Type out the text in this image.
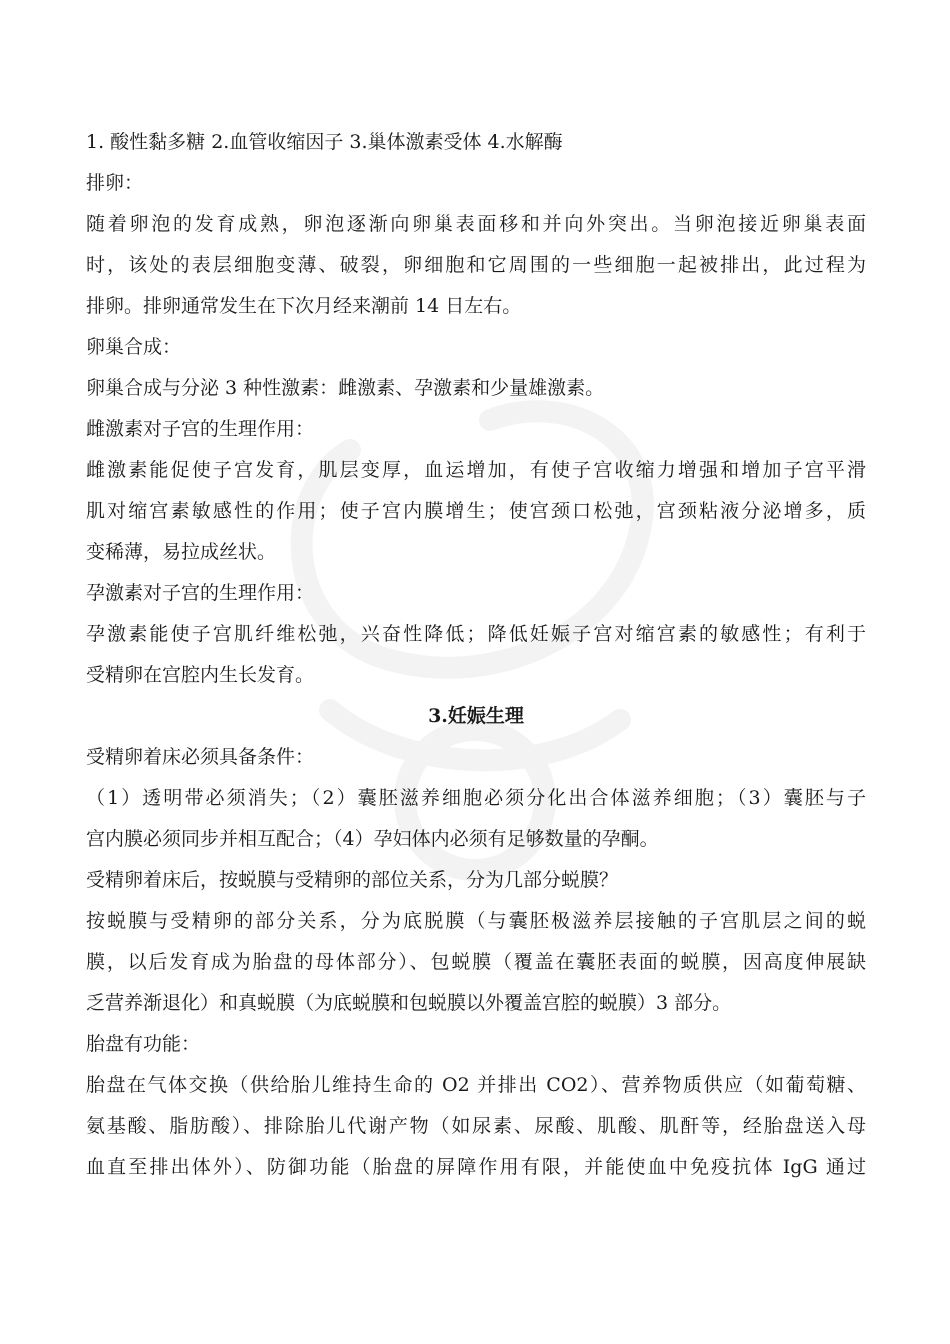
1. 酸性黏多糖 2.血管收缩因子 3.巢体激素受体 4.水解酶
排卵：
随着卵泡的发育成熟，卵泡逐渐向卵巢表面移和并向外突出。当卵泡接近卵巢表面
时，该处的表层细胞变薄、破裂，卵细胞和它周围的一些细胞一起被排出，此过程为
排卵。排卵通常发生在下次月经来潮前 14 日左右。
卵巢合成：
卵巢合成与分泌 3 种性激素：雌激素、孕激素和少量雄激素。
雌激素对子宫的生理作用：
雌激素能促使子宫发育，肌层变厚，血运增加，有使子宫收缩力增强和增加子宫平滑
肌对缩宫素敏感性的作用；使子宫内膜增生；使宫颈口松弛，宫颈粘液分泌增多，质
变稀薄，易拉成丝状。
孕激素对子宫的生理作用：
孕激素能使子宫肌纤维松弛，兴奋性降低；降低妊娠子宫对缩宫素的敏感性；有利于
受精卵在宫腔内生长发育。
3.妊娠生理
受精卵着床必须具备条件：
（1）透明带必须消失；（2）囊胚滋养细胞必须分化出合体滋养细胞；（3）囊胚与子
宫内膜必须同步并相互配合；（4）孕妇体内必须有足够数量的孕酮。
受精卵着床后，按蜕膜与受精卵的部位关系，分为几部分蜕膜？
按蜕膜与受精卵的部分关系，分为底脱膜（与囊胚极滋养层接触的子宫肌层之间的蜕
膜，以后发育成为胎盘的母体部分）、包蜕膜（覆盖在囊胚表面的蜕膜，因高度伸展缺
乏营养渐退化）和真蜕膜（为底蜕膜和包蜕膜以外覆盖宫腔的蜕膜）3 部分。
胎盘有功能：
胎盘在气体交换（供给胎儿维持生命的 O2 并排出 CO2）、营养物质供应（如葡萄糖、
氨基酸、脂肪酸）、排除胎儿代谢产物（如尿素、尿酸、肌酸、肌酐等，经胎盘送入母
血直至排出体外）、防御功能（胎盘的屏障作用有限，并能使血中免疫抗体 IgG 通过
